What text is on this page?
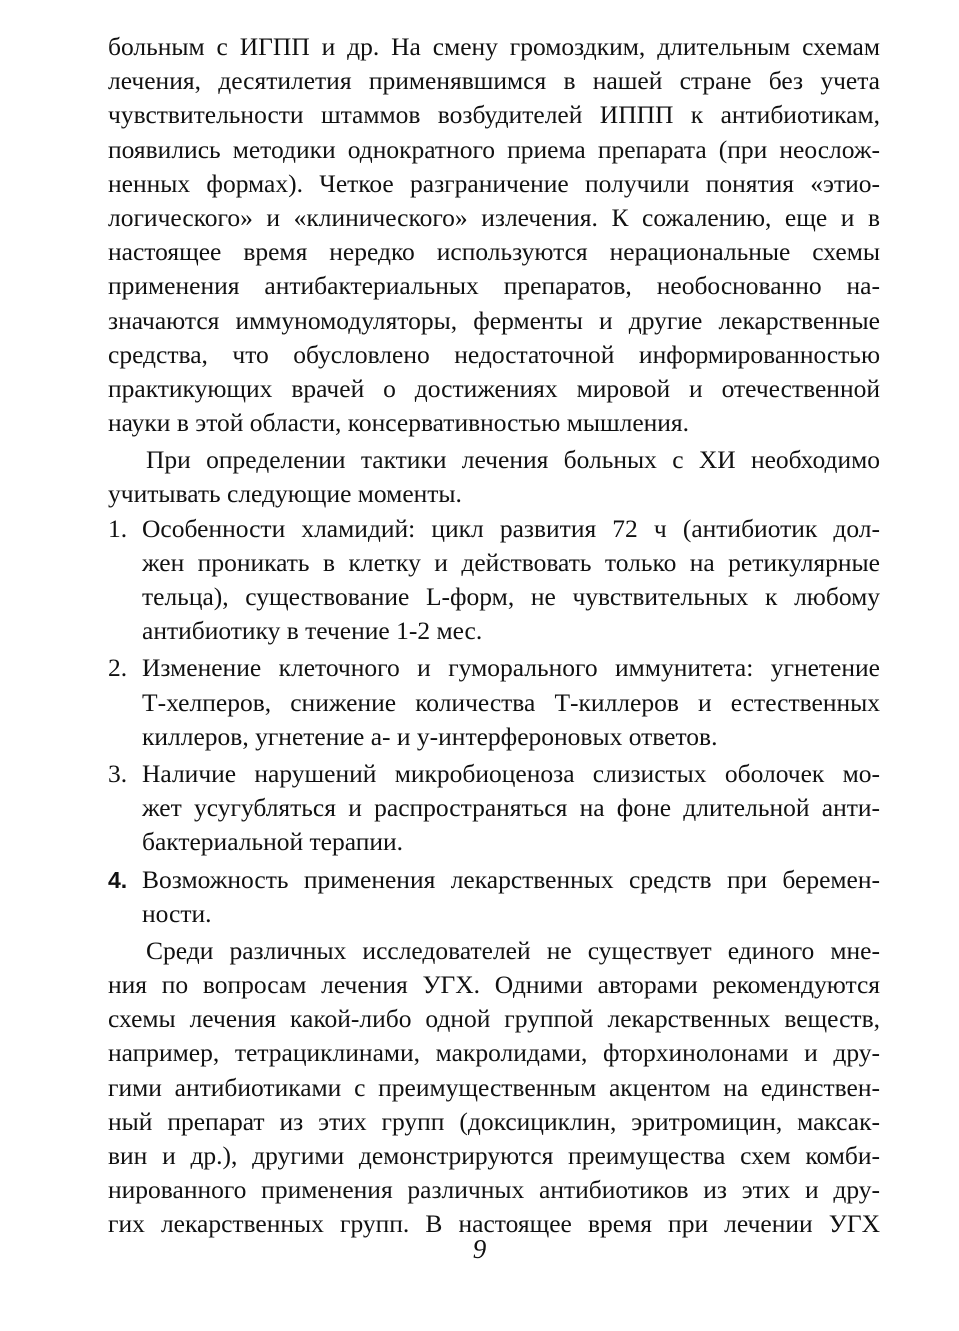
больным с ИГПП и др. На смену громоздким, длительным схемам
лечения, десятилетия применявшимся в нашей стране без учета
чувствительности штаммов возбудителей ИППП к антибиотикам,
появились методики однократного приема препарата (при неослож-
ненных формах). Четкое разграничение получили понятия «этио-
логического» и «клинического» излечения. К сожалению, еще и в
настоящее время нередко используются нерациональные схемы
применения антибактериальных препаратов, необоснованно на-
значаются иммуномодуляторы, ферменты и другие лекарственные
средства, что обусловлено недостаточной информированностью
практикующих врачей о достижениях мировой и отечественной
науки в этой области, консервативностью мышления.
При определении тактики лечения больных с ХИ необходимо
учитывать следующие моменты.
1. Особенности хламидий: цикл развития 72 ч (антибиотик дол-
жен проникать в клетку и действовать только на ретикулярные
тельца), существование L-форм, не чувствительных к любому
антибиотику в течение 1-2 мес.
2. Изменение клеточного и гуморального иммунитета: угнетение
Т-хелперов, снижение количества Т-киллеров и естественных
киллеров, угнетение а- и у-интерфероновых ответов.
3. Наличие нарушений микробиоценоза слизистых оболочек мо-
жет усугубляться и распространяться на фоне длительной анти-
бактериальной терапии.
4. Возможность применения лекарственных средств при беремен-
ности.
Среди различных исследователей не существует единого мне-
ния по вопросам лечения УГХ. Одними авторами рекомендуются
схемы лечения какой-либо одной группой лекарственных веществ,
например, тетрациклинами, макролидами, фторхинолонами и дру-
гими антибиотиками с преимущественным акцентом на единствен-
ный препарат из этих групп (доксициклин, эритромицин, максак-
вин и др.), другими демонстрируются преимущества схем комби-
нированного применения различных антибиотиков из этих и дру-
гих лекарственных групп. В настоящее время при лечении УГХ
9
